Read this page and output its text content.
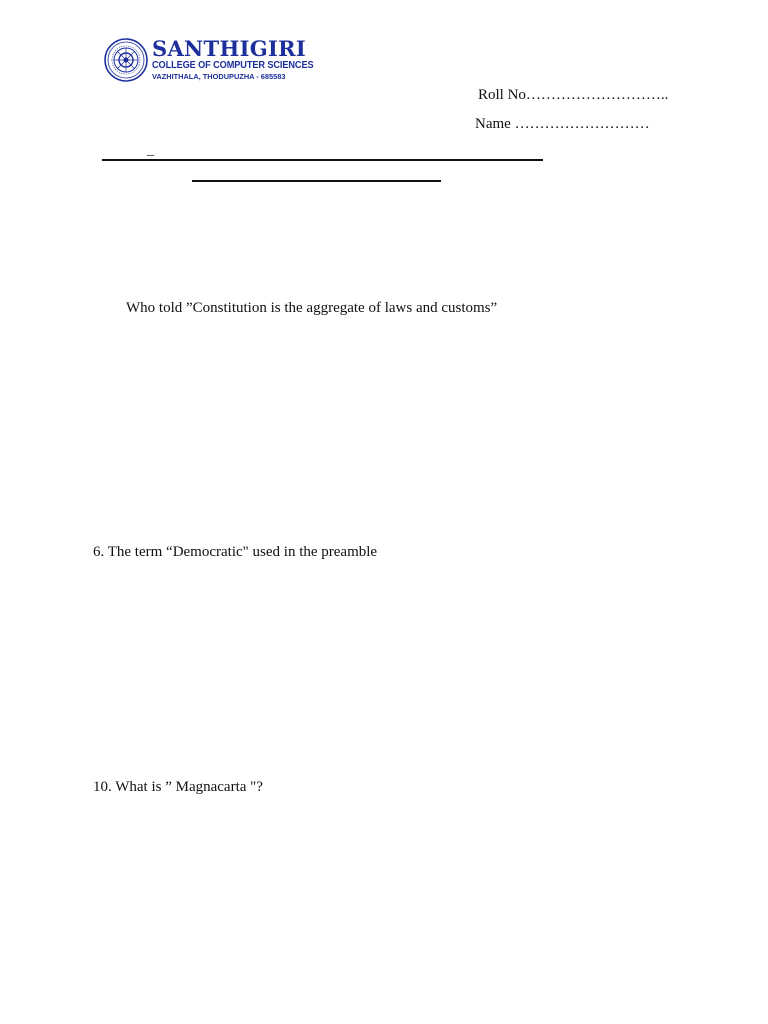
SANTHIGIRI
COLLEGE OF COMPUTER SCIENCES
VAZHITHALA, THODUPUZHA - 685583
Roll No………………………..
Name ………………………
_
Who told ”Constitution is the aggregate of laws and customs”
6. The term “Democratic" used in the preamble
10. What is ” Magnacarta "?
